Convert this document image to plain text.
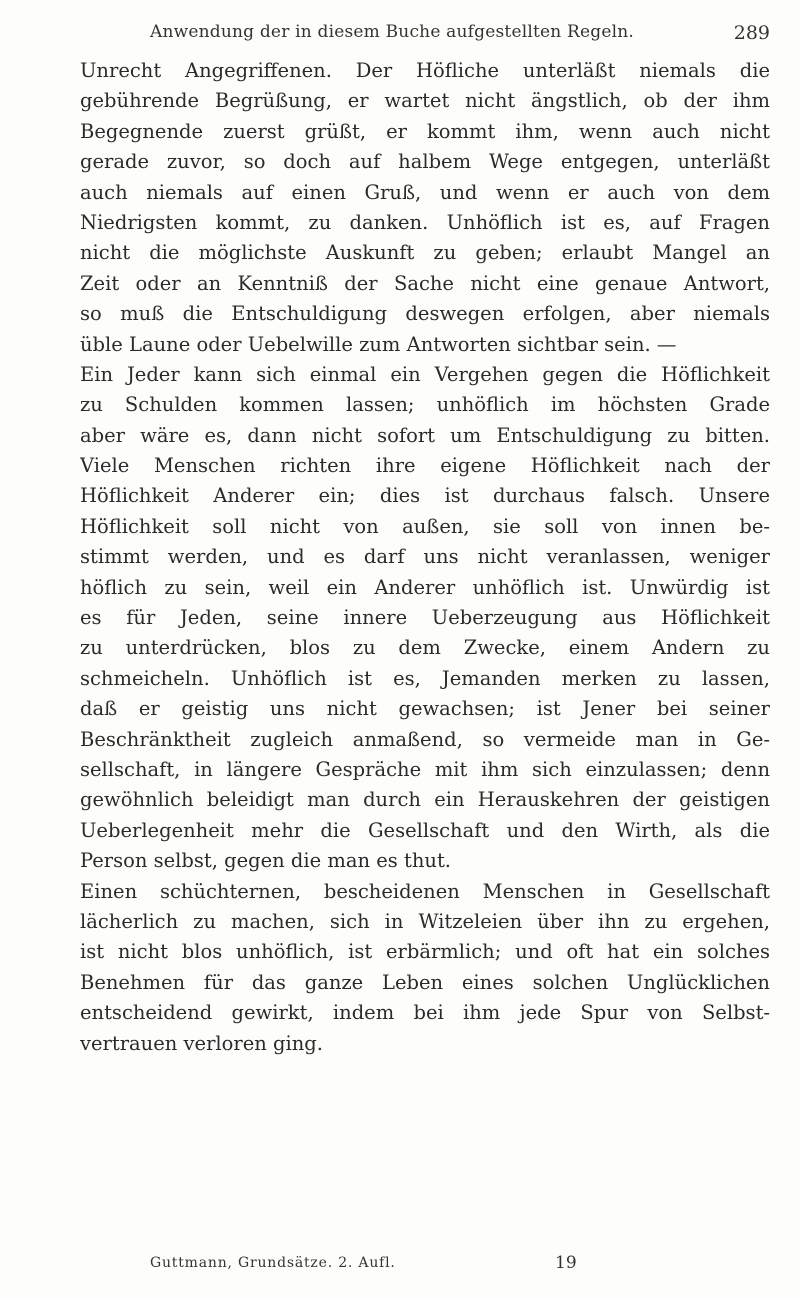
Anwendung der in diesem Buche aufgestellten Regeln.	289
Unrecht Angegriffenen. Der Höfliche unterläßt niemals die
gebührende Begrüßung, er wartet nicht ängstlich, ob der ihm
Begegnende zuerst grüßt, er kommt ihm, wenn auch nicht
gerade zuvor, so doch auf halbem Wege entgegen, unterläßt
auch niemals auf einen Gruß, und wenn er auch von dem
Niedrigsten kommt, zu danken. Unhöflich ist es, auf Fragen
nicht die möglichste Auskunft zu geben; erlaubt Mangel an
Zeit oder an Kenntniß der Sache nicht eine genaue Antwort,
so muß die Entschuldigung deswegen erfolgen, aber niemals
üble Laune oder Uebelwille zum Antworten sichtbar sein. —
Ein Jeder kann sich einmal ein Vergehen gegen die Höflichkeit
zu Schulden kommen lassen; unhöflich im höchsten Grade
aber wäre es, dann nicht sofort um Entschuldigung zu bitten.
Viele Menschen richten ihre eigene Höflichkeit nach der
Höflichkeit Anderer ein; dies ist durchaus falsch. Unsere
Höflichkeit soll nicht von außen, sie soll von innen be-
stimmt werden, und es darf uns nicht veranlassen, weniger
höflich zu sein, weil ein Anderer unhöflich ist. Unwürdig ist
es für Jeden, seine innere Ueberzeugung aus Höflichkeit
zu unterdrücken, blos zu dem Zwecke, einem Andern zu
schmeicheln. Unhöflich ist es, Jemanden merken zu lassen,
daß er geistig uns nicht gewachsen; ist Jener bei seiner
Beschränktheit zugleich anmaßend, so vermeide man in Ge-
sellschaft, in längere Gespräche mit ihm sich einzulassen; denn
gewöhnlich beleidigt man durch ein Herauskehren der geistigen
Ueberlegenheit mehr die Gesellschaft und den Wirth, als die
Person selbst, gegen die man es thut.
Einen schüchternen, bescheidenen Menschen in Gesellschaft
lächerlich zu machen, sich in Witzeleien über ihn zu ergehen,
ist nicht blos unhöflich, ist erbärmlich; und oft hat ein solches
Benehmen für das ganze Leben eines solchen Unglücklichen
entscheidend gewirkt, indem bei ihm jede Spur von Selbst-
vertrauen verloren ging.
Guttmann, Grundsätze. 2. Aufl.	19
